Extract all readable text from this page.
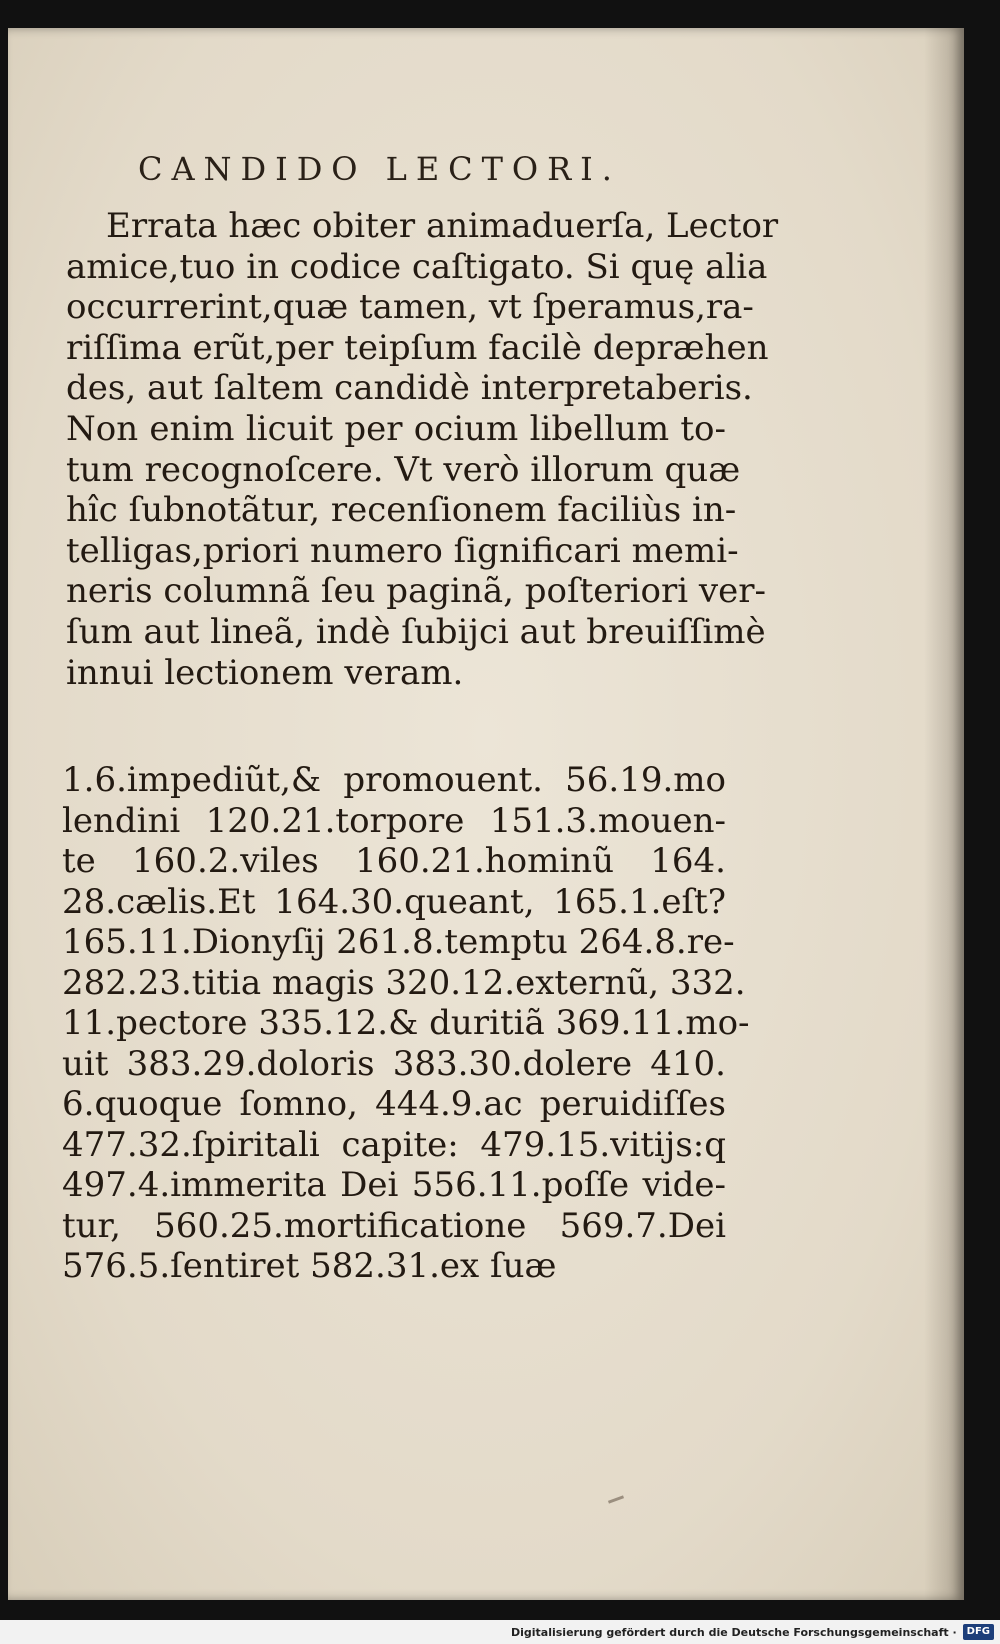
CANDIDO LECTORI.
Errata hæc obiter animaduerſa, Lector
amice,tuo in codice caſtigato. Si quę alia
occurrerint,quæ tamen, vt ſperamus,ra-
riſſima erũt,per teipſum facilè depræhen
des, aut ſaltem candidè interpretaberis.
Non enim licuit per ocium libellum to-
tum recognoſcere. Vt verò illorum quæ
hîc ſubnotãtur, recenſionem faciliùs in-
telligas,priori numero ſignificari memi-
neris columnã ſeu paginã, poſteriori ver-
ſum aut lineã, indè ſubijci aut breuiſſimè
innui lectionem veram.
1.6.impediũt,& promouent. 56.19.mo
lendini 120.21.torpore 151.3.mouen-
te 160.2.viles 160.21.hominũ 164.
28.cælis.Et 164.30.queant, 165.1.eſt?
165.11.Dionyſij 261.8.temptu 264.8.re-
282.23.titia magis 320.12.externũ, 332.
11.pectore 335.12.& duritiã 369.11.mo-
uit 383.29.doloris 383.30.dolere 410.
6.quoque ſomno, 444.9.ac peruidiſſes
477.32.ſpiritali capite: 479.15.vitijs:q
497.4.immerita Dei 556.11.poſſe vide-
tur, 560.25.mortificatione 569.7.Dei
576.5.ſentiret 582.31.ex ſuæ
Digitalisierung gefördert durch die Deutsche Forschungsgemeinschaft ·	DFG
